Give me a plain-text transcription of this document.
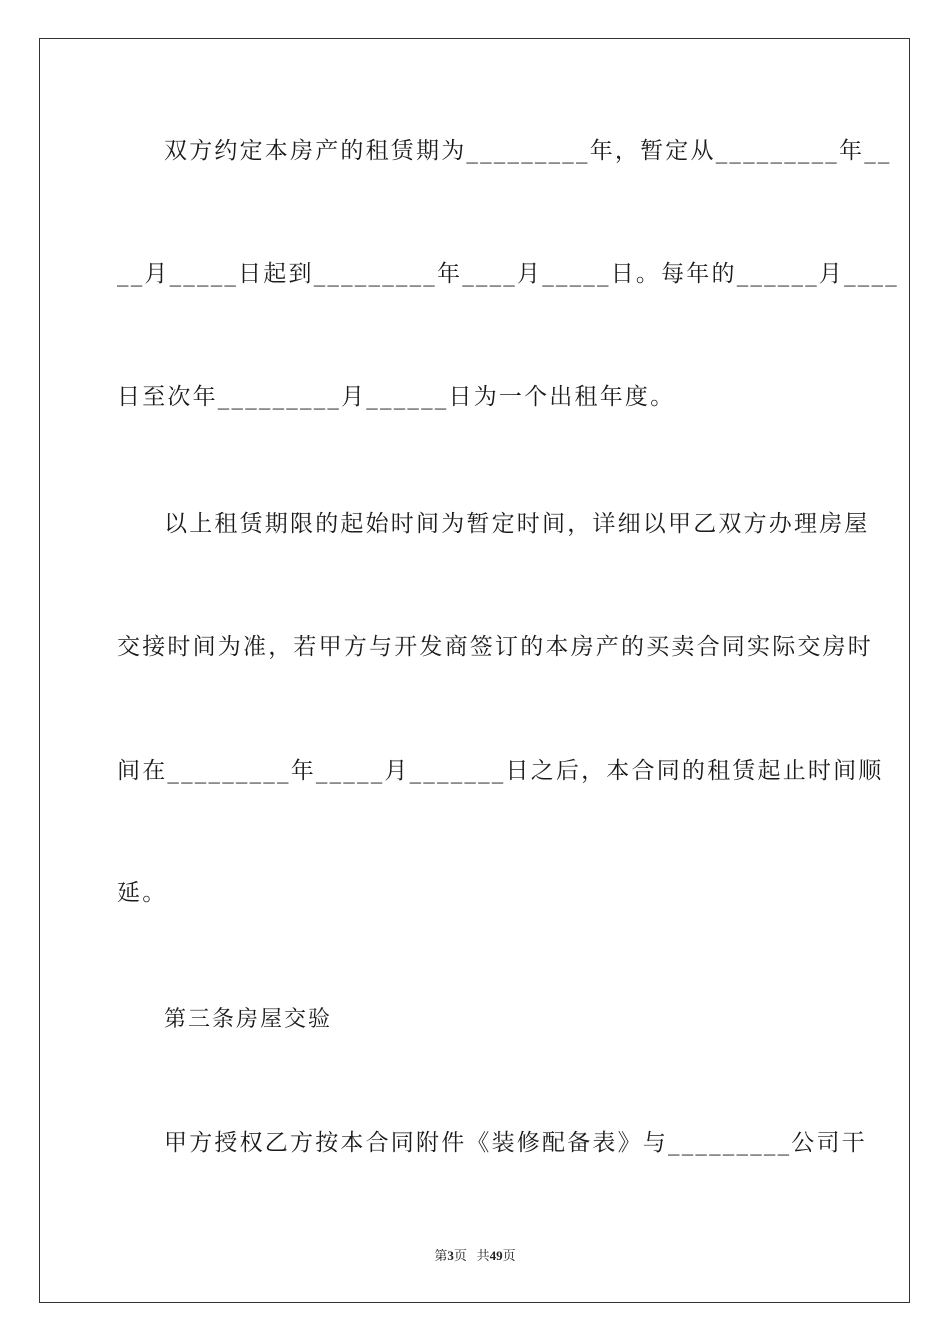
双方约定本房产的租赁期为_________年，暂定从_________年__
__月_____日起到_________年____月_____日。每年的______月____
日至次年_________月______日为一个出租年度。
以上租赁期限的起始时间为暂定时间，详细以甲乙双方办理房屋
交接时间为准，若甲方与开发商签订的本房产的买卖合同实际交房时
间在_________年_____月_______日之后，本合同的租赁起止时间顺
延。
第三条房屋交验
甲方授权乙方按本合同附件《装修配备表》与_________公司干
第3页 共49页
